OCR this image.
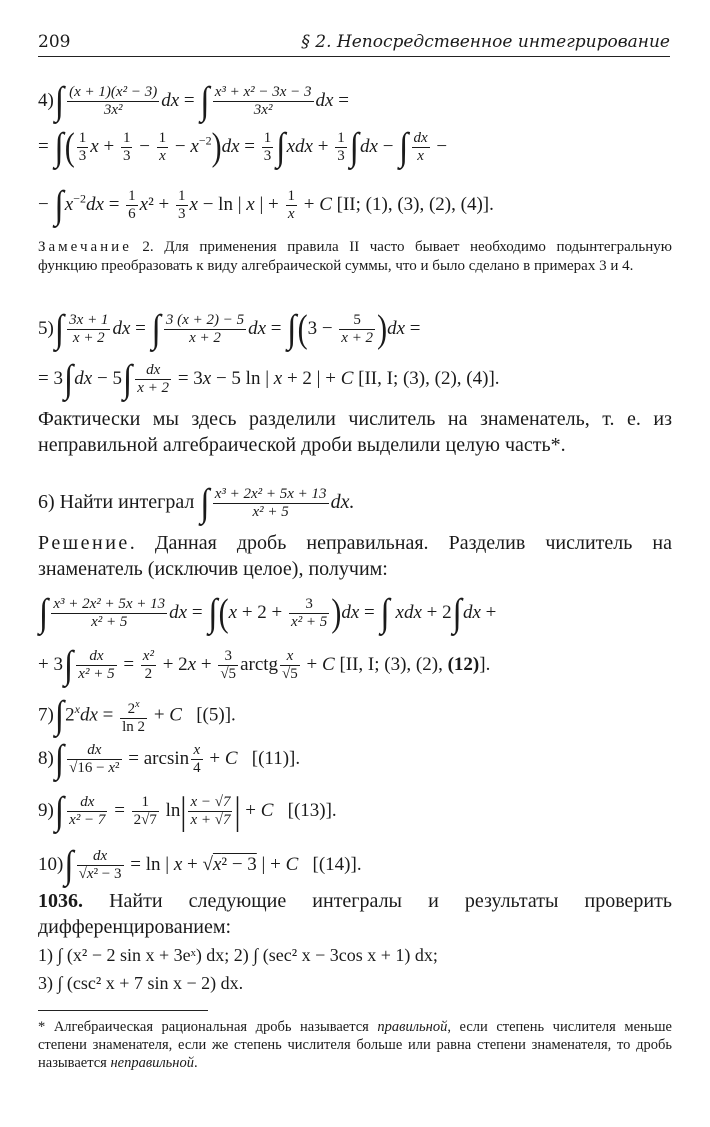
209	§ 2. Непосредственное интегрирование
$4)\int \frac{\text{(x + 1)(x² − 3)}}{\text{3x²}}$ dx = ∫ $\frac{\text{x³ + x² − 3x − 3}}{\text{3x²}}$ dx =
= ∫( $\frac{1}{3}$ $x + \frac{1}{3} - \frac{1}{x} - x^{-2})dx = \frac{1}{3} \int xdx + \frac{1}{3} \int dx$ − ∫ $\frac{dx}{x}$ −
− $\int x^{-2}dx = \frac{1}{6} x^2 + \frac{1}{3}$ x − ln | x | + $\frac{1}{x} + C$ [II; (1), (3), (2), (4)].
Замечание 2. Для применения правила II часто бывает необходимо подынтегральную функцию преобразовать к виду алгебраической суммы, что и было сделано в примерах 3 и 4.
$5)\int \frac{3x + 1}{x + 2}$ dx = ∫ $\frac{3 (x + 2) - 5}{x + 2}$ dx = $\int(3 - \frac{5}{x + 2} )dx$ =
= $3\int dx - 5\int \frac{dx}{x + 2} = 3x - 5$ ln | x + 2 | + C [II, I; (3), (2), (4)].
Фактически мы здесь разделили числитель на знаменатель, т. е. из неправильной алгебраической дроби выделили целую часть*.
6) Найти интеграл ∫ $\frac{\text{x³ + 2x² + 5x + 13}}{\text{x² + 5}}$ dx.
Решение. Данная дробь неправильная. Разделив числитель на знаменатель (исключив целое), получим:
∫ $\frac{\text{x³ + 2x² + 5x + 13}}{\text{x² + 5}}$ dx = $\int(x + 2 + \frac{3}{\text{x² + 5}} )dx$ = ∫ xdx + 2∫dx +
+ $3\int \frac{dx}{\text{x² + 5}} = \frac{\text{x²}}{2} + 2x + \frac{3}{√5}$ arctg $\frac{x}{√5} + C$ [II, I; (3), (2), (12)].
$7)\int 2^xdx = \frac{2^x}{\ln 2} + C$   [(5)].
$8)\int \frac{dx}{\text{√16 − x²}} = \arcsin \frac{x}{4} + C$   [(11)].
$9)\int \frac{dx}{\text{x² − 7}} = \frac{1}{2√7} \ln| \frac{x - √7}{x + √7}$ | + C   [(13)].
$10)\int \frac{dx}{\text{√x² − 3}} = \ln$ | x + √x² − 3 | + C   [(14)].
1036. Найти следующие интегралы и результаты проверить дифференцированием:
1) ∫ (x² − 2 sin x + 3eˣ) dx; 2) ∫ (sec² x − 3cos x + 1) dx;
3) ∫ (csc² x + 7 sin x − 2) dx.
* Алгебраическая рациональная дробь называется правильной, если степень числителя меньше степени знаменателя, если же степень числителя больше или равна степени знаменателя, то дробь называется неправильной.
